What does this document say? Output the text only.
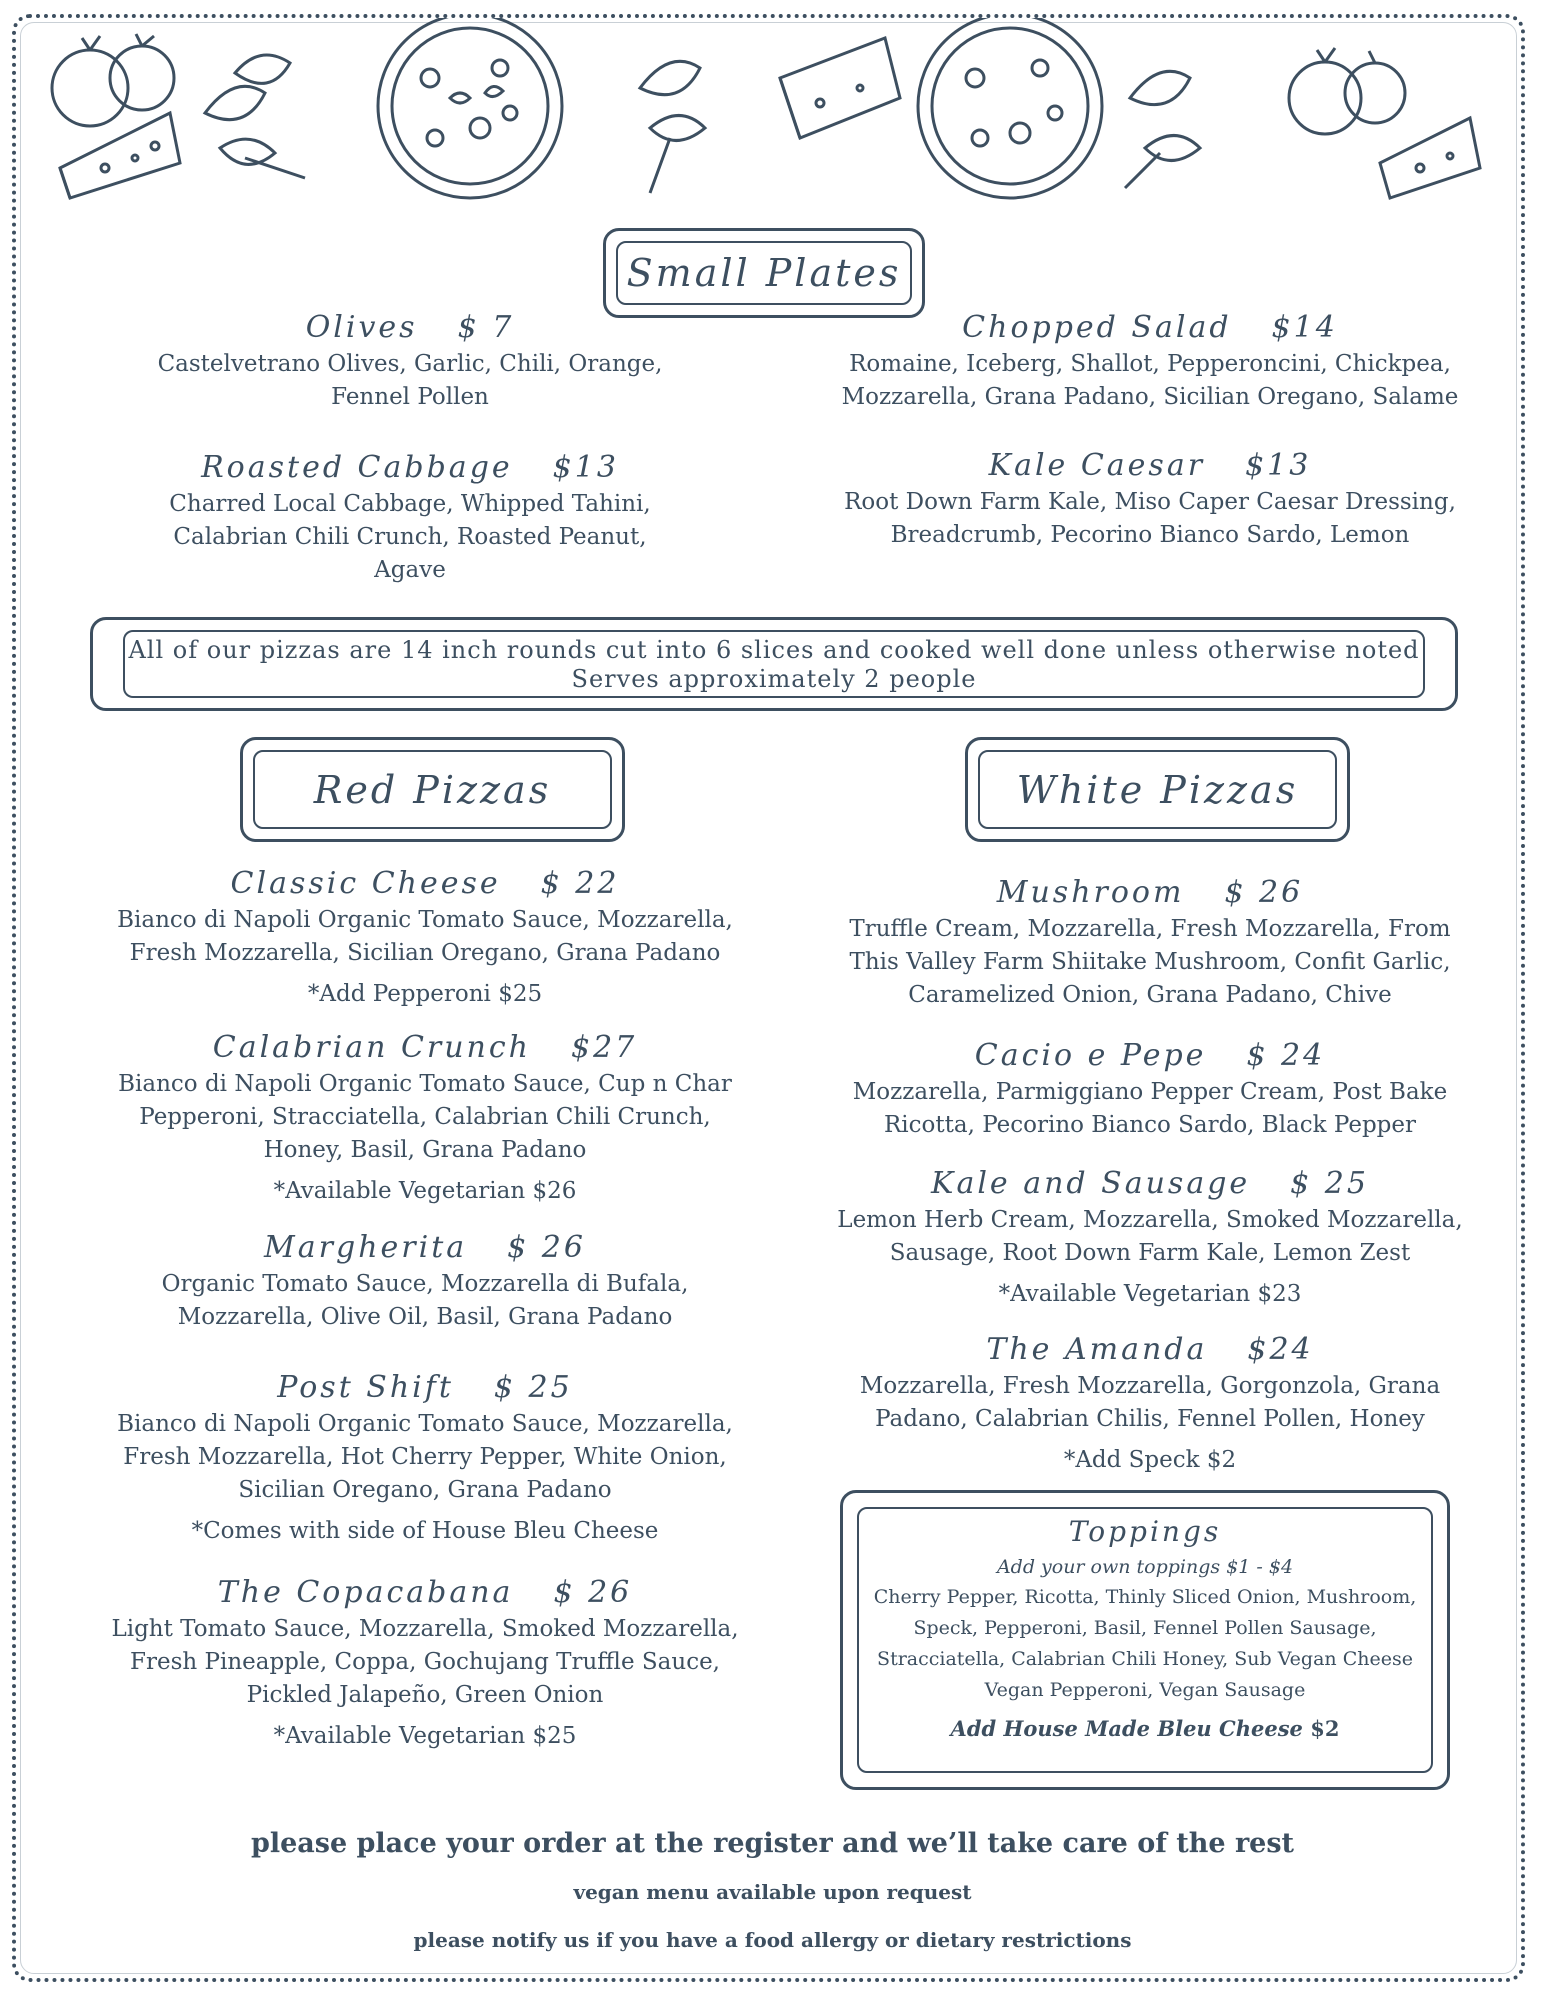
Small Plates
Olives $ 7
Castelvetrano Olives, Garlic, Chili, Orange, Fennel Pollen
Chopped Salad $14
Romaine, Iceberg, Shallot, Pepperoncini, Chickpea, Mozzarella, Grana Padano, Sicilian Oregano, Salame
Roasted Cabbage $13
Charred Local Cabbage, Whipped Tahini, Calabrian Chili Crunch, Roasted Peanut, Agave
Kale Caesar $13
Root Down Farm Kale, Miso Caper Caesar Dressing, Breadcrumb, Pecorino Bianco Sardo, Lemon
All of our pizzas are 14 inch rounds cut into 6 slices and cooked well done unless otherwise noted
Serves approximately 2 people
Red Pizzas	White Pizzas
Classic Cheese $ 22
Bianco di Napoli Organic Tomato Sauce, Mozzarella, Fresh Mozzarella, Sicilian Oregano, Grana Padano
*Add Pepperoni $25
Calabrian Crunch $27
Bianco di Napoli Organic Tomato Sauce, Cup n Char Pepperoni, Stracciatella, Calabrian Chili Crunch, Honey, Basil, Grana Padano
*Available Vegetarian $26
Margherita $ 26
Organic Tomato Sauce, Mozzarella di Bufala, Mozzarella, Olive Oil, Basil, Grana Padano
Post Shift $ 25
Bianco di Napoli Organic Tomato Sauce, Mozzarella, Fresh Mozzarella, Hot Cherry Pepper, White Onion, Sicilian Oregano, Grana Padano
*Comes with side of House Bleu Cheese
The Copacabana $ 26
Light Tomato Sauce, Mozzarella, Smoked Mozzarella, Fresh Pineapple, Coppa, Gochujang Truffle Sauce, Pickled Jalapeño, Green Onion
*Available Vegetarian $25
Mushroom $ 26
Truffle Cream, Mozzarella, Fresh Mozzarella, From This Valley Farm Shiitake Mushroom, Confit Garlic, Caramelized Onion, Grana Padano, Chive
Cacio e Pepe $ 24
Mozzarella, Parmiggiano Pepper Cream, Post Bake Ricotta, Pecorino Bianco Sardo, Black Pepper
Kale and Sausage $ 25
Lemon Herb Cream, Mozzarella, Smoked Mozzarella, Sausage, Root Down Farm Kale, Lemon Zest
*Available Vegetarian $23
The Amanda $24
Mozzarella, Fresh Mozzarella, Gorgonzola, Grana Padano, Calabrian Chilis, Fennel Pollen, Honey
*Add Speck $2
Toppings
Add your own toppings $1 - $4
Cherry Pepper, Ricotta, Thinly Sliced Onion, Mushroom, Speck, Pepperoni, Basil, Fennel Pollen Sausage, Stracciatella, Calabrian Chili Honey, Sub Vegan Cheese Vegan Pepperoni, Vegan Sausage
Add House Made Bleu Cheese $2
please place your order at the register and we’ll take care of the rest
vegan menu available upon request
please notify us if you have a food allergy or dietary restrictions
